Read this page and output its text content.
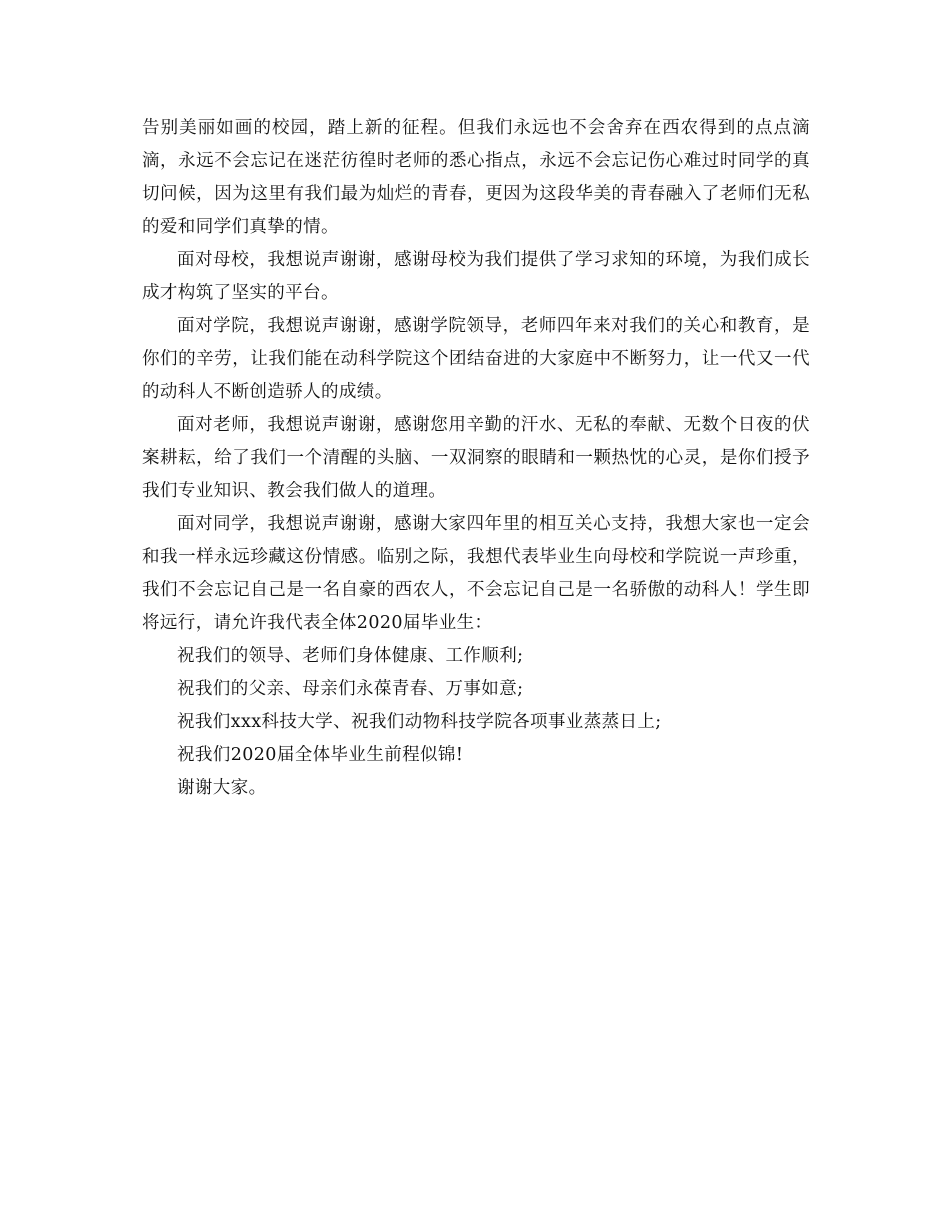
告别美丽如画的校园，踏上新的征程。但我们永远也不会舍弃在西农得到的点点滴滴，永远不会忘记在迷茫彷徨时老师的悉心指点，永远不会忘记伤心难过时同学的真切问候，因为这里有我们最为灿烂的青春，更因为这段华美的青春融入了老师们无私的爱和同学们真挚的情。

面对母校，我想说声谢谢，感谢母校为我们提供了学习求知的环境，为我们成长成才构筑了坚实的平台。

面对学院，我想说声谢谢，感谢学院领导，老师四年来对我们的关心和教育，是你们的辛劳，让我们能在动科学院这个团结奋进的大家庭中不断努力，让一代又一代的动科人不断创造骄人的成绩。

面对老师，我想说声谢谢，感谢您用辛勤的汗水、无私的奉献、无数个日夜的伏案耕耘，给了我们一个清醒的头脑、一双洞察的眼睛和一颗热忱的心灵，是你们授予我们专业知识、教会我们做人的道理。

面对同学，我想说声谢谢，感谢大家四年里的相互关心支持，我想大家也一定会和我一样永远珍藏这份情感。临别之际，我想代表毕业生向母校和学院说一声珍重，我们不会忘记自己是一名自豪的西农人，不会忘记自己是一名骄傲的动科人！学生即将远行，请允许我代表全体2020届毕业生：

祝我们的领导、老师们身体健康、工作顺利;

祝我们的父亲、母亲们永葆青春、万事如意;

祝我们xxx科技大学、祝我们动物科技学院各项事业蒸蒸日上;

祝我们2020届全体毕业生前程似锦!

谢谢大家。
